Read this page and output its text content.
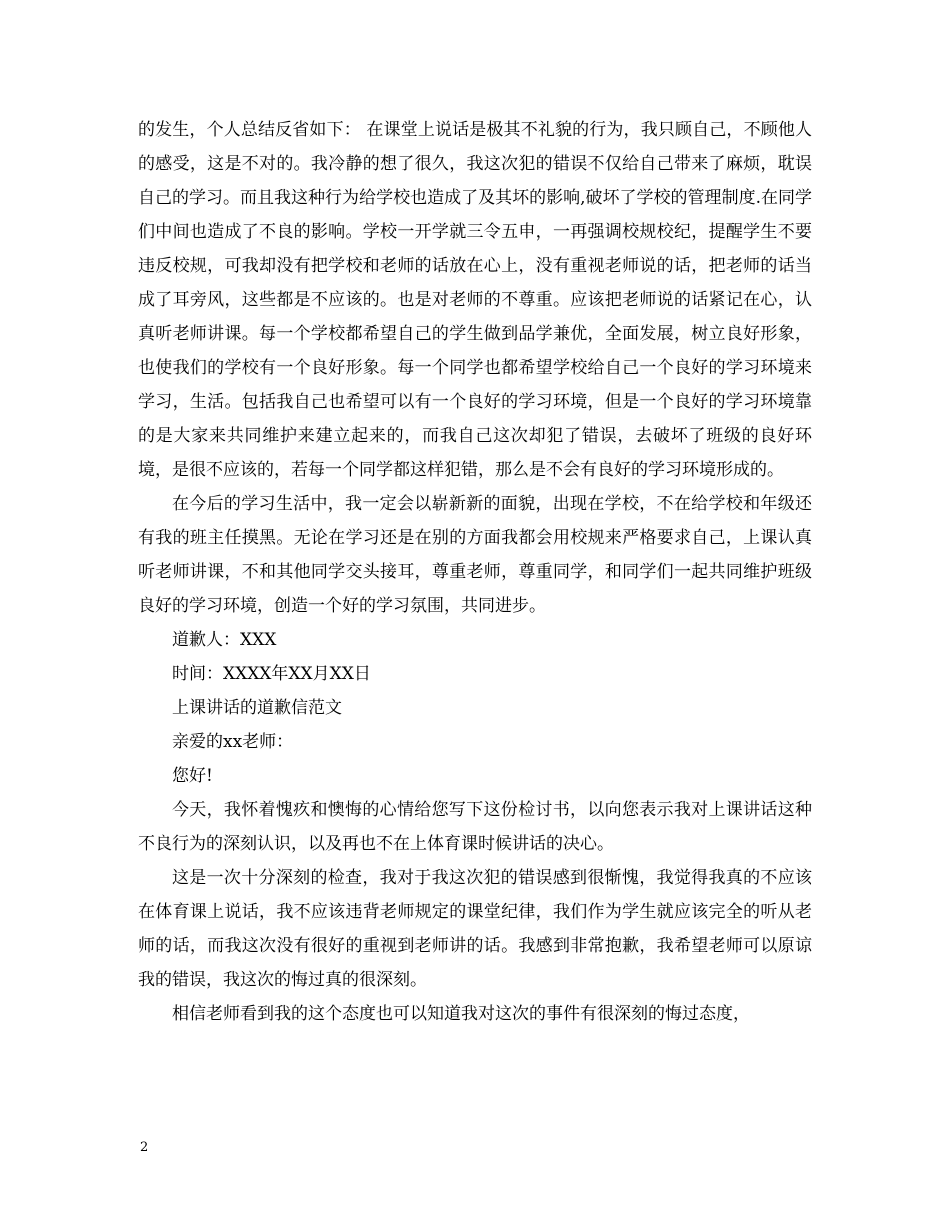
的发生，个人总结反省如下： 在课堂上说话是极其不礼貌的行为，我只顾自己，不顾他人的感受，这是不对的。我冷静的想了很久，我这次犯的错误不仅给自己带来了麻烦，耽误自己的学习。而且我这种行为给学校也造成了及其坏的影响,破坏了学校的管理制度.在同学们中间也造成了不良的影响。学校一开学就三令五申，一再强调校规校纪，提醒学生不要违反校规，可我却没有把学校和老师的话放在心上，没有重视老师说的话，把老师的话当成了耳旁风，这些都是不应该的。也是对老师的不尊重。应该把老师说的话紧记在心，认真听老师讲课。每一个学校都希望自己的学生做到品学兼优，全面发展，树立良好形象，也使我们的学校有一个良好形象。每一个同学也都希望学校给自己一个良好的学习环境来学习，生活。包括我自己也希望可以有一个良好的学习环境，但是一个良好的学习环境靠的是大家来共同维护来建立起来的，而我自己这次却犯了错误，去破坏了班级的良好环境，是很不应该的，若每一个同学都这样犯错，那么是不会有良好的学习环境形成的。

在今后的学习生活中，我一定会以崭新新的面貌，出现在学校，不在给学校和年级还有我的班主任摸黑。无论在学习还是在别的方面我都会用校规来严格要求自己，上课认真听老师讲课，不和其他同学交头接耳，尊重老师，尊重同学，和同学们一起共同维护班级良好的学习环境，创造一个好的学习氛围，共同进步。

道歉人：XXX

时间：XXXX年XX月XX日

上课讲话的道歉信范文

亲爱的xx老师：

您好!

今天，我怀着愧疚和懊悔的心情给您写下这份检讨书，以向您表示我对上课讲话这种不良行为的深刻认识，以及再也不在上体育课时候讲话的决心。

这是一次十分深刻的检查，我对于我这次犯的错误感到很惭愧，我觉得我真的不应该在体育课上说话，我不应该违背老师规定的课堂纪律，我们作为学生就应该完全的听从老师的话，而我这次没有很好的重视到老师讲的话。我感到非常抱歉，我希望老师可以原谅我的错误，我这次的悔过真的很深刻。

相信老师看到我的这个态度也可以知道我对这次的事件有很深刻的悔过态度，

2
